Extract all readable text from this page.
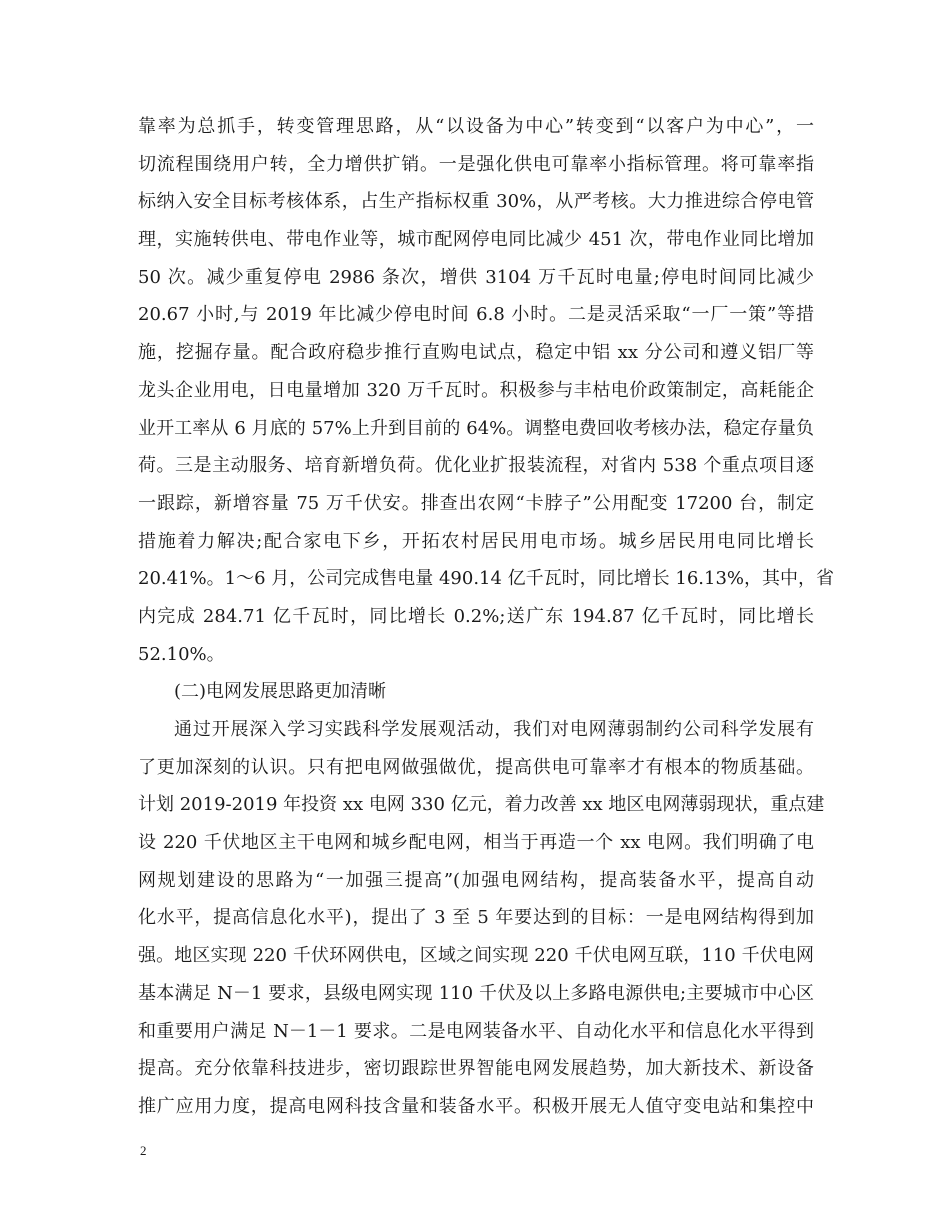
靠率为总抓手，转变管理思路，从“以设备为中心”转变到“以客户为中心”，一
切流程围绕用户转，全力增供扩销。一是强化供电可靠率小指标管理。将可靠率指
标纳入安全目标考核体系，占生产指标权重 30%，从严考核。大力推进综合停电管
理，实施转供电、带电作业等，城市配网停电同比减少 451 次，带电作业同比增加
50 次。减少重复停电 2986 条次，增供 3104 万千瓦时电量;停电时间同比减少
20.67 小时,与 2019 年比减少停电时间 6.8 小时。二是灵活采取“一厂一策”等措
施，挖掘存量。配合政府稳步推行直购电试点，稳定中铝 xx 分公司和遵义铝厂等
龙头企业用电，日电量增加 320 万千瓦时。积极参与丰枯电价政策制定，高耗能企
业开工率从 6 月底的 57%上升到目前的 64%。调整电费回收考核办法，稳定存量负
荷。三是主动服务、培育新增负荷。优化业扩报装流程，对省内 538 个重点项目逐
一跟踪，新增容量 75 万千伏安。排查出农网“卡脖子”公用配变 17200 台，制定
措施着力解决;配合家电下乡，开拓农村居民用电市场。城乡居民用电同比增长
20.41%。1～6 月，公司完成售电量 490.14 亿千瓦时，同比增长 16.13%，其中，省
内完成 284.71 亿千瓦时，同比增长 0.2%;送广东 194.87 亿千瓦时，同比增长
52.10%。
(二)电网发展思路更加清晰
通过开展深入学习实践科学发展观活动，我们对电网薄弱制约公司科学发展有
了更加深刻的认识。只有把电网做强做优，提高供电可靠率才有根本的物质基础。
计划 2019-2019 年投资 xx 电网 330 亿元，着力改善 xx 地区电网薄弱现状，重点建
设 220 千伏地区主干电网和城乡配电网，相当于再造一个 xx 电网。我们明确了电
网规划建设的思路为“一加强三提高”(加强电网结构，提高装备水平，提高自动
化水平，提高信息化水平)，提出了 3 至 5 年要达到的目标：一是电网结构得到加
强。地区实现 220 千伏环网供电，区域之间实现 220 千伏电网互联，110 千伏电网
基本满足 N－1 要求，县级电网实现 110 千伏及以上多路电源供电;主要城市中心区
和重要用户满足 N－1－1 要求。二是电网装备水平、自动化水平和信息化水平得到
提高。充分依靠科技进步，密切跟踪世界智能电网发展趋势，加大新技术、新设备
推广应用力度，提高电网科技含量和装备水平。积极开展无人值守变电站和集控中
2
